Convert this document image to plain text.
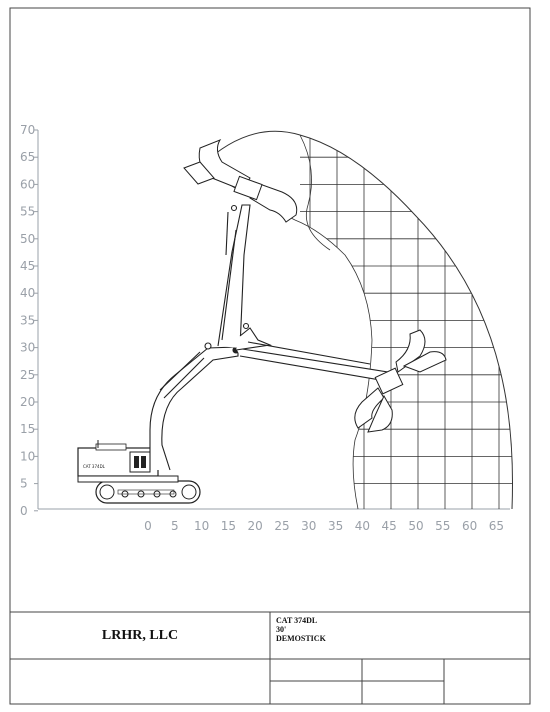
70
65
60
55
50
45
40
35
30
25
20
15
10
5
0
0 5 10 15 20 25 30 35 40 45 50 55 60 65
CAT 374DL
LRHR, LLC
CAT 374DL
30'
DEMOSTICK
